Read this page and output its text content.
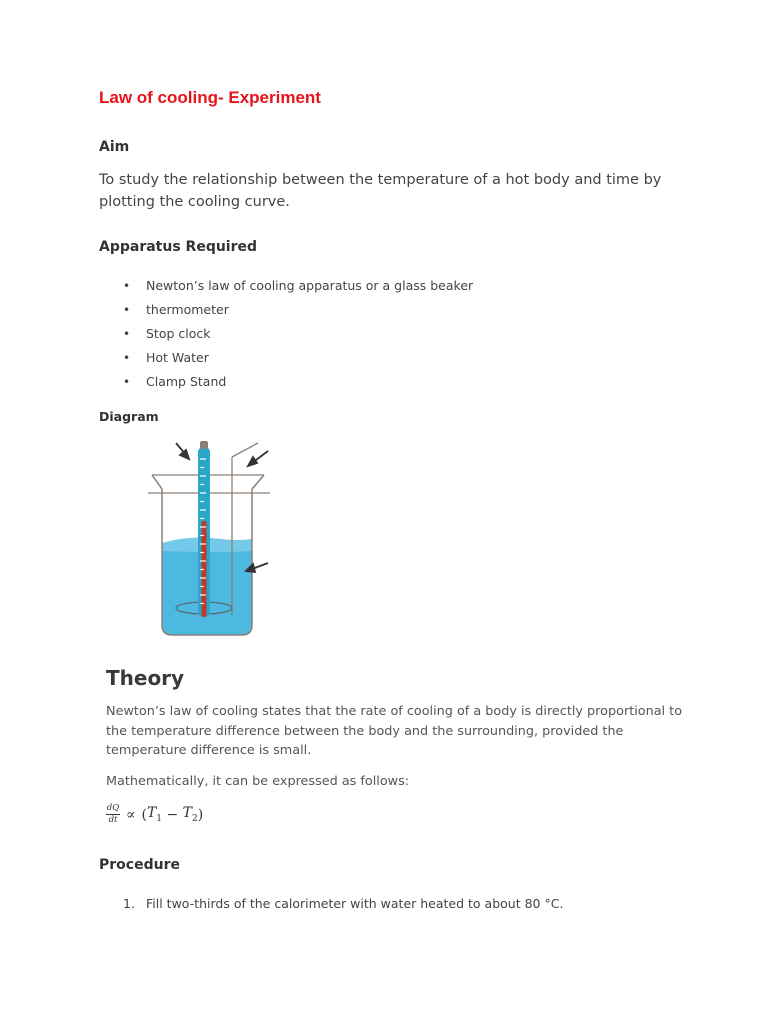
Law of cooling- Experiment
Aim
To study the relationship between the temperature of a hot body and time by plotting the cooling curve.
Apparatus Required
• Newton’s law of cooling apparatus or a glass beaker
• thermometer
• Stop clock
• Hot Water
• Clamp Stand
Diagram
Theory
Newton’s law of cooling states that the rate of cooling of a body is directly proportional to the temperature difference between the body and the surrounding, provided the temperature difference is small.
Mathematically, it can be expressed as follows:
$\frac{dQ}{dt}$ ∝ ( $T_1 - T_2$ )
Procedure
1. Fill two-thirds of the calorimeter with water heated to about 80 °C.
